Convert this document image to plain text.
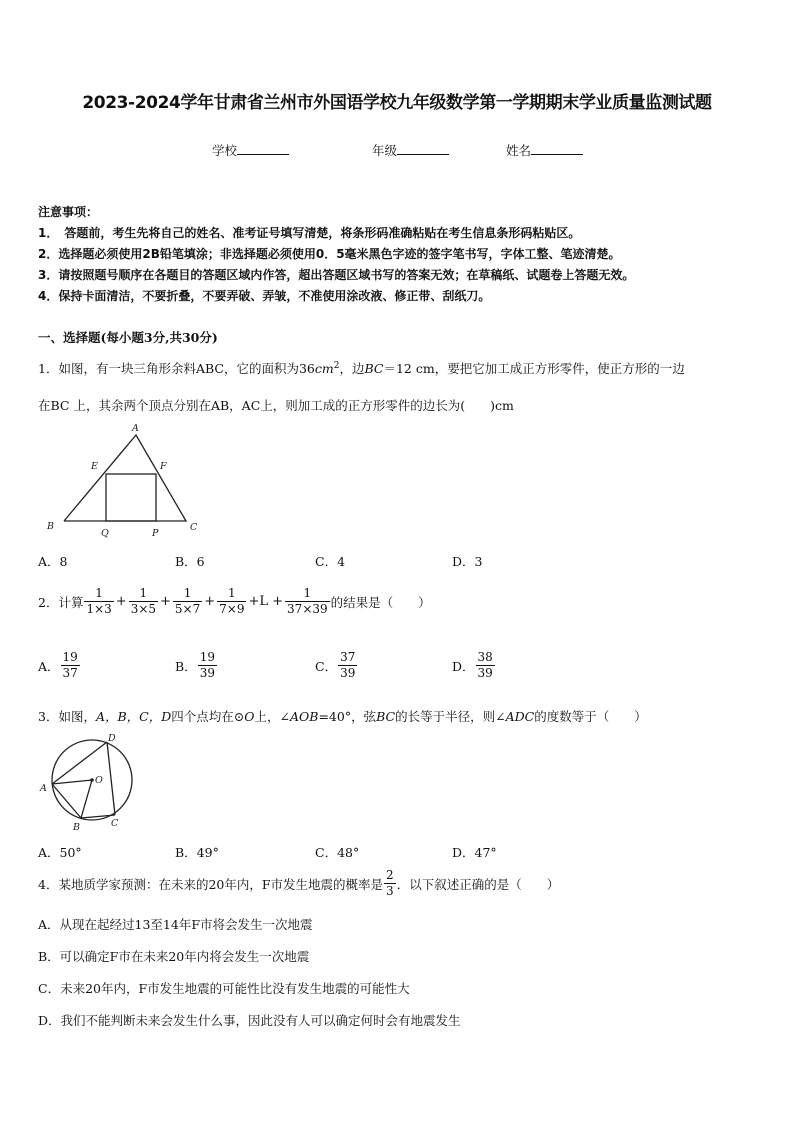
2023-2024学年甘肃省兰州市外国语学校九年级数学第一学期期末学业质量监测试题
学校	年级	姓名
注意事项：
1．　答题前，考生先将自己的姓名、准考证号填写清楚，将条形码准确粘贴在考生信息条形码粘贴区。
2．选择题必须使用2B铅笔填涂；非选择题必须使用0．5毫米黑色字迹的签字笔书写，字体工整、笔迹清楚。
3．请按照题号顺序在各题目的答题区域内作答，超出答题区域书写的答案无效；在草稿纸、试题卷上答题无效。
4．保持卡面清洁，不要折叠，不要弄破、弄皱，不准使用涂改液、修正带、刮纸刀。
一、选择题(每小题3分,共30分)
1．如图，有一块三角形余料ABC，它的面积为$36cm^2$，边BC＝12 cm，要把它加工成正方形零件，使正方形的一边
在BC 上，其余两个顶点分别在AB，AC上，则加工成的正方形零件的边长为(　　)cm
A
B	C
E	F
Q	P
A．8	B．6	C．4	D．3
2．计算 $\frac{1}{1\times 3} + \frac{1}{3\times 5} + \frac{1}{5\times 7} + \frac{1}{7\times 9} +L + \frac{1}{37\times 39}$ 的结果是（　　）
A． $\frac{19}{37}$	B． $\frac{19}{39}$	C． $\frac{37}{39}$	D． $\frac{38}{39}$
3．如图，A，B，C，D四个点均在⊙O上，∠AOB=40°，弦BC的长等于半径，则∠ADC的度数等于（　　）
D
O
A
B	C
A．50°	B．49°	C．48°	D．47°
4．某地质学家预测：在未来的20年内，F市发生地震的概率是 $\frac{2}{3}$ ．以下叙述正确的是（　　）
A．从现在起经过13至14年F市将会发生一次地震
B．可以确定F市在未来20年内将会发生一次地震
C．未来20年内，F市发生地震的可能性比没有发生地震的可能性大
D．我们不能判断未来会发生什么事，因此没有人可以确定何时会有地震发生
